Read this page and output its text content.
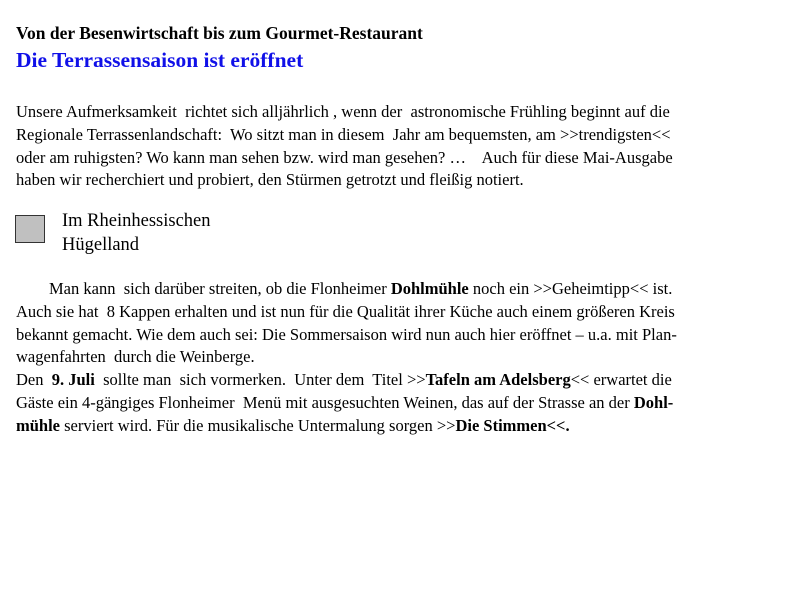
Von der Besenwirtschaft bis zum Gourmet-Restaurant
Die Terrassensaison ist eröffnet
Unsere Aufmerksamkeit  richtet sich alljährlich , wenn der  astronomische Frühling beginnt auf die
Regionale Terrassenlandschaft:  Wo sitzt man in diesem  Jahr am bequemsten, am >>trendigsten<<
oder am ruhigsten? Wo kann man sehen bzw. wird man gesehen? …    Auch für diese Mai-Ausgabe
haben wir recherchiert und probiert, den Stürmen getrotzt und fleißig notiert.
Im Rheinhessischen
Hügelland
Man kann  sich darüber streiten, ob die Flonheimer Dohlmühle noch ein >>Geheimtipp<< ist.
Auch sie hat  8 Kappen erhalten und ist nun für die Qualität ihrer Küche auch einem größeren Kreis
bekannt gemacht. Wie dem auch sei: Die Sommersaison wird nun auch hier eröffnet – u.a. mit Plan-
wagenfahrten  durch die Weinberge.
Den  9. Juli  sollte man  sich vormerken.  Unter dem  Titel >>Tafeln am Adelsberg<< erwartet die
Gäste ein 4-gängiges Flonheimer  Menü mit ausgesuchten Weinen, das auf der Strasse an der Dohl-
mühle serviert wird. Für die musikalische Untermalung sorgen >>Die Stimmen<<.
